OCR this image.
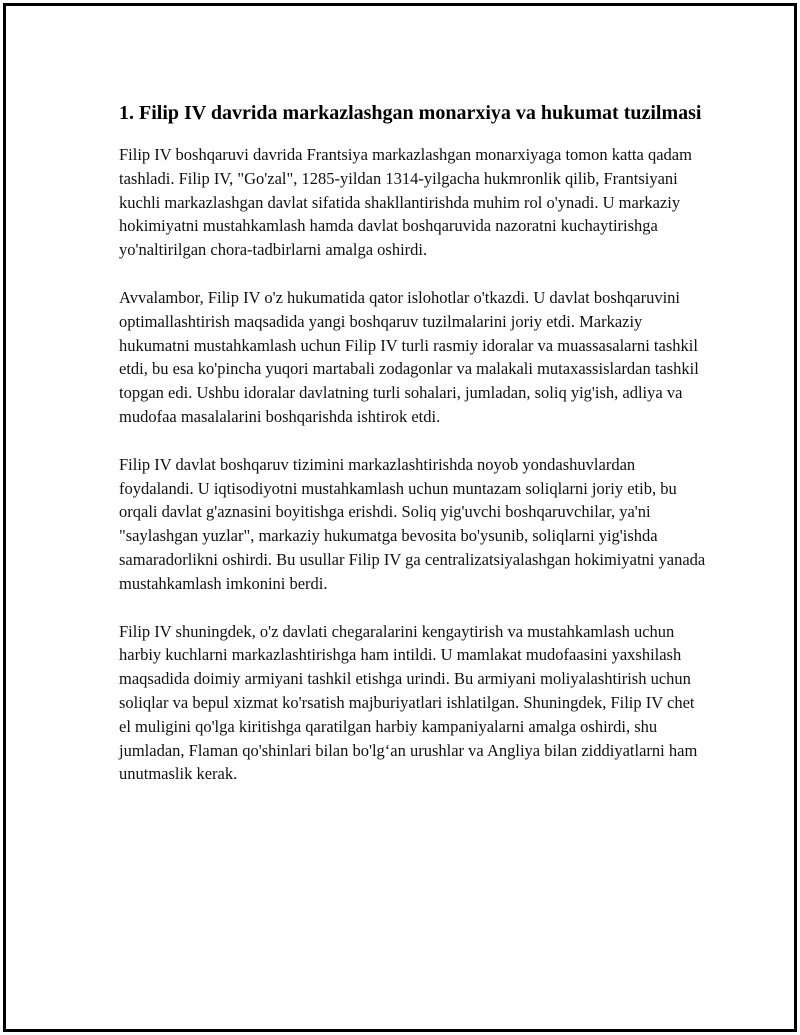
1. Filip IV davrida markazlashgan monarxiya va hukumat tuzilmasi

Filip IV boshqaruvi davrida Frantsiya markazlashgan monarxiyaga tomon katta qadam tashladi. Filip IV, "Go'zal", 1285-yildan 1314-yilgacha hukmronlik qilib, Frantsiyani kuchli markazlashgan davlat sifatida shakllantirishda muhim rol o'ynadi. U markaziy hokimiyatni mustahkamlash hamda davlat boshqaruvida nazoratni kuchaytirishga yo'naltirilgan chora-tadbirlarni amalga oshirdi.

Avvalambor, Filip IV o'z hukumatida qator islohotlar o'tkazdi. U davlat boshqaruvini optimallashtirish maqsadida yangi boshqaruv tuzilmalarini joriy etdi. Markaziy hukumatni mustahkamlash uchun Filip IV turli rasmiy idoralar va muassasalarni tashkil etdi, bu esa ko'pincha yuqori martabali zodagonlar va malakali mutaxassislardan tashkil topgan edi. Ushbu idoralar davlatning turli sohalari, jumladan, soliq yig'ish, adliya va mudofaa masalalarini boshqarishda ishtirok etdi.

Filip IV davlat boshqaruv tizimini markazlashtirishda noyob yondashuvlardan foydalandi. U iqtisodiyotni mustahkamlash uchun muntazam soliqlarni joriy etib, bu orqali davlat g'aznasini boyitishga erishdi. Soliq yig'uvchi boshqaruvchilar, ya'ni "saylashgan yuzlar", markaziy hukumatga bevosita bo'ysunib, soliqlarni yig'ishda samaradorlikni oshirdi. Bu usullar Filip IV ga centralizatsiyalashgan hokimiyatni yanada mustahkamlash imkonini berdi.

Filip IV shuningdek, o'z davlati chegaralarini kengaytirish va mustahkamlash uchun harbiy kuchlarni markazlashtirishga ham intildi. U mamlakat mudofaasini yaxshilash maqsadida doimiy armiyani tashkil etishga urindi. Bu armiyani moliyalashtirish uchun soliqlar va bepul xizmat ko'rsatish majburiyatlari ishlatilgan. Shuningdek, Filip IV chet el muligini qo'lga kiritishga qaratilgan harbiy kampaniyalarni amalga oshirdi, shu jumladan, Flaman qo'shinlari bilan bo'lg‘an urushlar va Angliya bilan ziddiyatlarni ham unutmaslik kerak.
